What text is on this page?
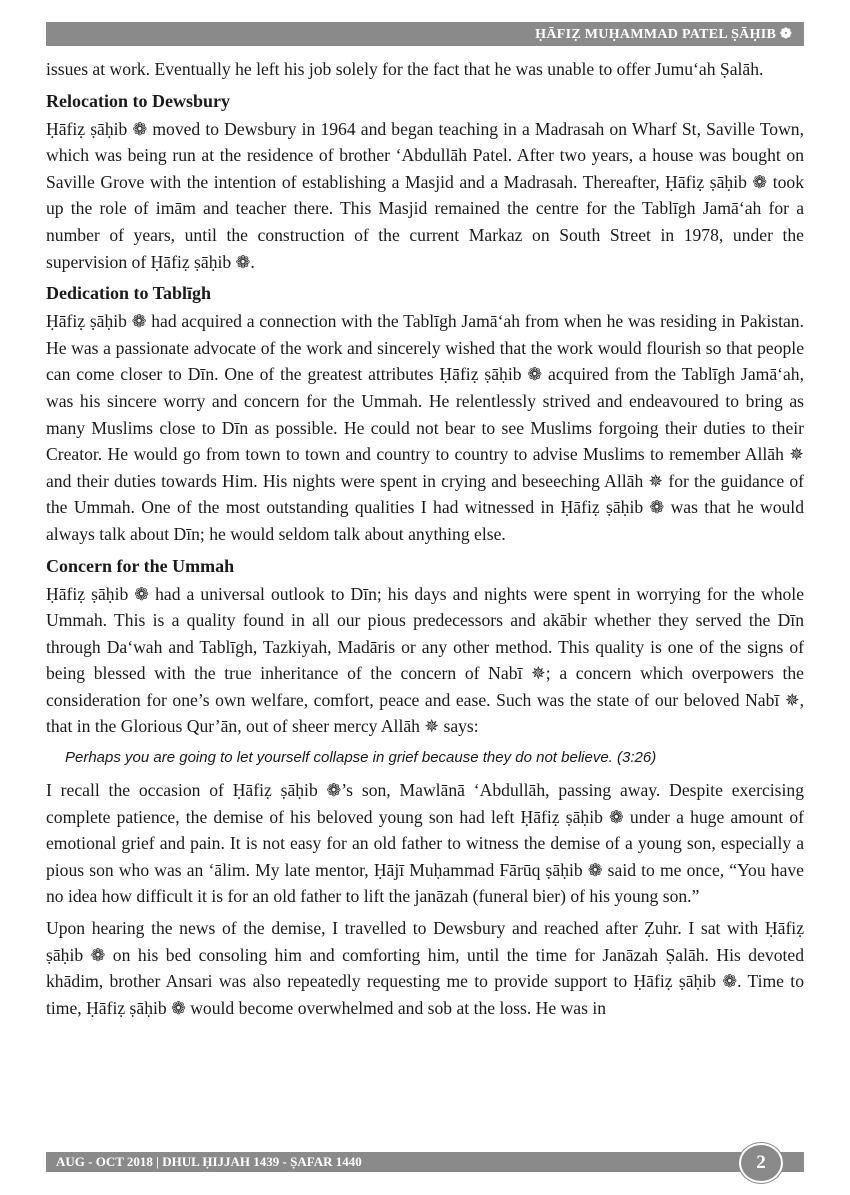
ḤĀFIẒ MUḤAMMAD PATEL ṢĀḤIB ❁

issues at work. Eventually he left his job solely for the fact that he was unable to offer Jumu‘ah Ṣalāh.

Relocation to Dewsbury

Ḥāfiẓ ṣāḥib ❁ moved to Dewsbury in 1964 and began teaching in a Madrasah on Wharf St, Saville Town, which was being run at the residence of brother ‘Abdullāh Patel. After two years, a house was bought on Saville Grove with the intention of establishing a Masjid and a Madrasah. Thereafter, Ḥāfiẓ ṣāḥib ❁ took up the role of imām and teacher there. This Masjid remained the centre for the Tablīgh Jamā‘ah for a number of years, until the construction of the current Markaz on South Street in 1978, under the supervision of Ḥāfiẓ ṣāḥib ❁.

Dedication to Tablīgh

Ḥāfiẓ ṣāḥib ❁ had acquired a connection with the Tablīgh Jamā‘ah from when he was residing in Pakistan. He was a passionate advocate of the work and sincerely wished that the work would flourish so that people can come closer to Dīn. One of the greatest attributes Ḥāfiẓ ṣāḥib ❁ acquired from the Tablīgh Jamā‘ah, was his sincere worry and concern for the Ummah. He relentlessly strived and endeavoured to bring as many Muslims close to Dīn as possible. He could not bear to see Muslims forgoing their duties to their Creator. He would go from town to town and country to country to advise Muslims to remember Allāh ✵ and their duties towards Him. His nights were spent in crying and beseeching Allāh ✵ for the guidance of the Ummah. One of the most outstanding qualities I had witnessed in Ḥāfiẓ ṣāḥib ❁ was that he would always talk about Dīn; he would seldom talk about anything else.

Concern for the Ummah

Ḥāfiẓ ṣāḥib ❁ had a universal outlook to Dīn; his days and nights were spent in worrying for the whole Ummah. This is a quality found in all our pious predecessors and akābir whether they served the Dīn through Da‘wah and Tablīgh, Tazkiyah, Madāris or any other method. This quality is one of the signs of being blessed with the true inheritance of the concern of Nabī ✵; a concern which overpowers the consideration for one’s own welfare, comfort, peace and ease. Such was the state of our beloved Nabī ✵, that in the Glorious Qur’ān, out of sheer mercy Allāh ✵ says:

Perhaps you are going to let yourself collapse in grief because they do not believe. (3:26)

I recall the occasion of Ḥāfiẓ ṣāḥib ❁’s son, Mawlānā ‘Abdullāh, passing away. Despite exercising complete patience, the demise of his beloved young son had left Ḥāfiẓ ṣāḥib ❁ under a huge amount of emotional grief and pain. It is not easy for an old father to witness the demise of a young son, especially a pious son who was an ‘ālim. My late mentor, Ḥājī Muḥammad Fārūq ṣāḥib ❁ said to me once, “You have no idea how difficult it is for an old father to lift the janāzah (funeral bier) of his young son.”

Upon hearing the news of the demise, I travelled to Dewsbury and reached after Ẓuhr. I sat with Ḥāfiẓ ṣāḥib ❁ on his bed consoling him and comforting him, until the time for Janāzah Ṣalāh. His devoted khādim, brother Ansari was also repeatedly requesting me to provide support to Ḥāfiẓ ṣāḥib ❁. Time to time, Ḥāfiẓ ṣāḥib ❁ would become overwhelmed and sob at the loss. He was in

AUG - OCT 2018 | DHUL ḤIJJAH 1439 - ṢAFAR 1440	2
